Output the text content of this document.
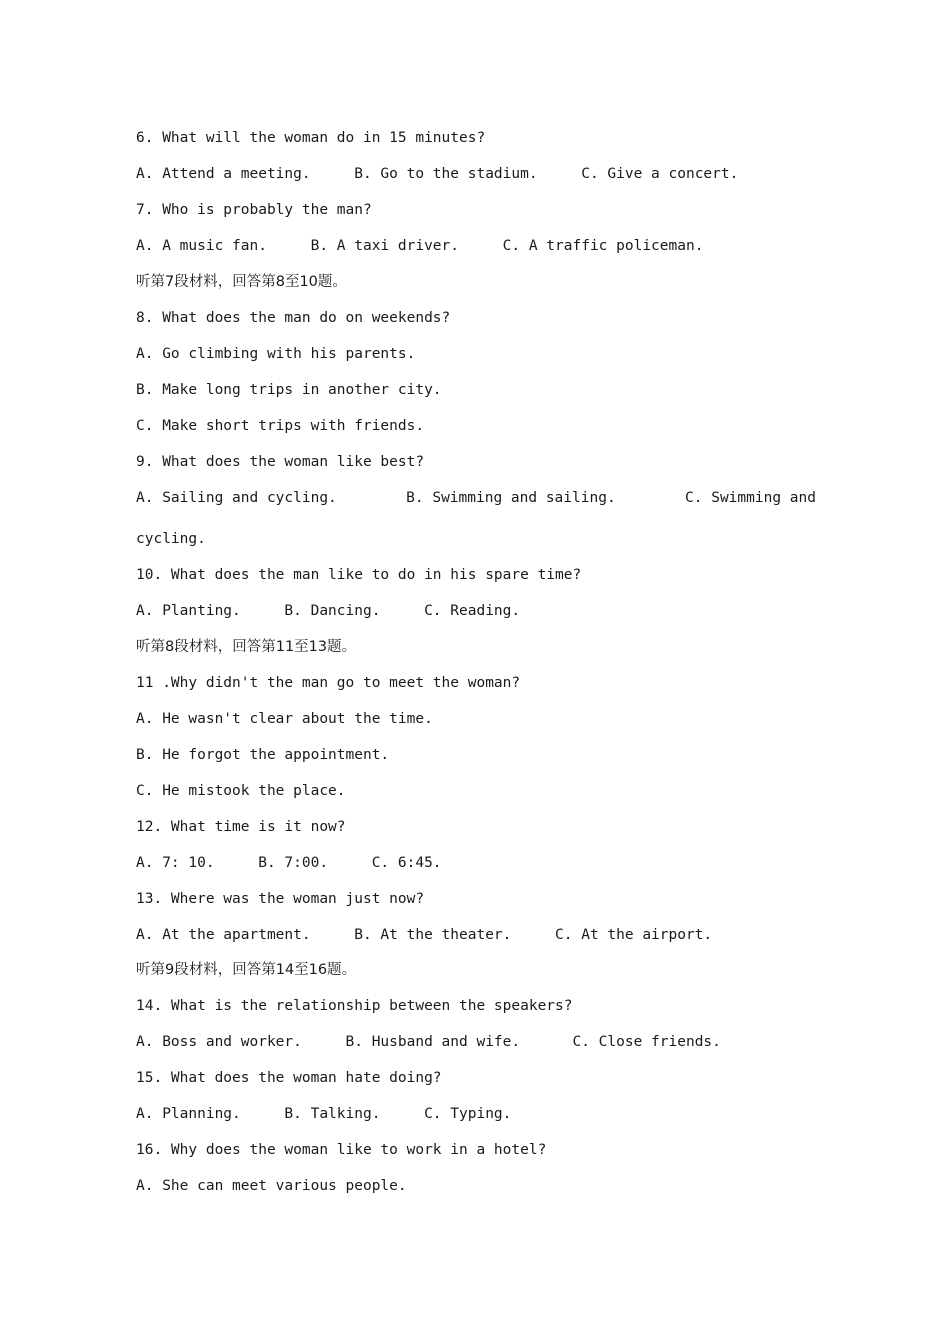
6. What will the woman do in 15 minutes?
A. Attend a meeting.     B. Go to the stadium.     C. Give a concert.
7. Who is probably the man?
A. A music fan.     B. A taxi driver.     C. A traffic policeman.
听第7段材料，回答第8至10题。
8. What does the man do on weekends?
A. Go climbing with his parents.
B. Make long trips in another city.
C. Make short trips with friends.
9. What does the woman like best?
A. Sailing and cycling.	B. Swimming and sailing.	C. Swimming and
cycling.
10. What does the man like to do in his spare time?
A. Planting.     B. Dancing.     C. Reading.
听第8段材料，回答第11至13题。
11 .Why didn't the man go to meet the woman?
A. He wasn't clear about the time.
B. He forgot the appointment.
C. He mistook the place.
12. What time is it now?
A. 7: 10.     B. 7:00.     C. 6:45.
13. Where was the woman just now?
A. At the apartment.     B. At the theater.     C. At the airport.
听第9段材料，回答第14至16题。
14. What is the relationship between the speakers?
A. Boss and worker.     B. Husband and wife.      C. Close friends.
15. What does the woman hate doing?
A. Planning.     B. Talking.     C. Typing.
16. Why does the woman like to work in a hotel?
A. She can meet various people.
